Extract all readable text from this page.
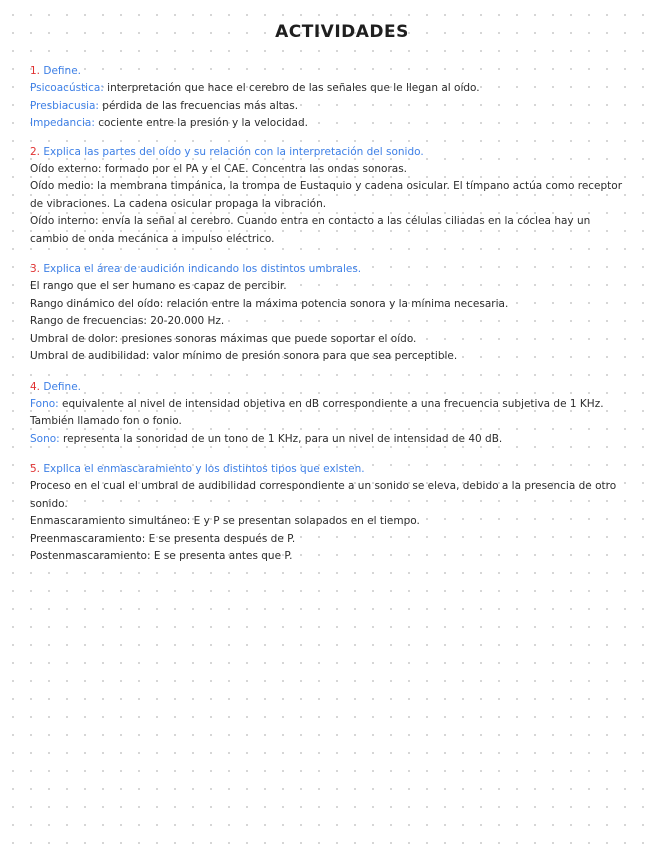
ACTIVIDADES
1. Define.
Psicoacústica: interpretación que hace el cerebro de las señales que le llegan al oído.
Presbiacusia: pérdida de las frecuencias más altas.
Impedancia: cociente entre la presión y la velocidad.
2. Explica las partes del oído y su relación con la interpretación del sonido.
Oído externo: formado por el PA y el CAE. Concentra las ondas sonoras.
Oído medio: la membrana timpánica, la trompa de Eustaquio y cadena osicular. El tímpano actúa como receptor de vibraciones. La cadena osicular propaga la vibración.
Oído interno: envía la señal al cerebro. Cuando entra en contacto a las células ciliadas en la cóclea hay un cambio de onda mecánica a impulso eléctrico.
3. Explica el área de audición indicando los distintos umbrales.
El rango que el ser humano es capaz de percibir.
Rango dinámico del oído: relación entre la máxima potencia sonora y la mínima necesaria.
Rango de frecuencias: 20-20.000 Hz.
Umbral de dolor: presiones sonoras máximas que puede soportar el oído.
Umbral de audibilidad: valor mínimo de presión sonora para que sea perceptible.
4. Define.
Fono: equivalente al nivel de intensidad objetiva en dB correspondiente a una frecuencia subjetiva de 1 KHz. También llamado fon o fonio.
Sono: representa la sonoridad de un tono de 1 KHz, para un nivel de intensidad de 40 dB.
5. Explica el enmascaramiento y los distintos tipos que existen.
Proceso en el cual el umbral de audibilidad correspondiente a un sonido se eleva, debido a la presencia de otro sonido.
Enmascaramiento simultáneo: E y P se presentan solapados en el tiempo.
Preenmascaramiento: E se presenta después de P.
Postenmascaramiento: E se presenta antes que P.
